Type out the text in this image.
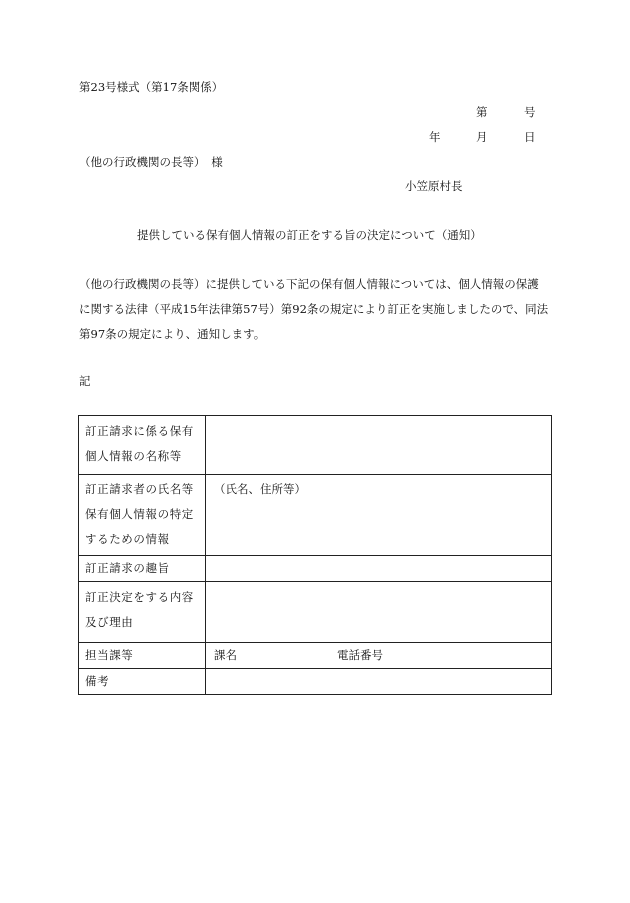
第23号様式（第17条関係）
第	号
年	月	日
（他の行政機関の長等）　様
小笠原村長
提供している保有個人情報の訂正をする旨の決定について（通知）
（他の行政機関の長等）に提供している下記の保有個人情報については、個人情報の保護
に関する法律（平成15年法律第57号）第92条の規定により訂正を実施しましたので、同法
第97条の規定により、通知します。
記
訂正請求に係る保有
個人情報の名称等	

訂正請求者の氏名等
保有個人情報の特定
するための情報	（氏名、住所等）

訂正請求の趣旨	

訂正決定をする内容
及び理由	

担当課等	課名 電話番号

備考	
